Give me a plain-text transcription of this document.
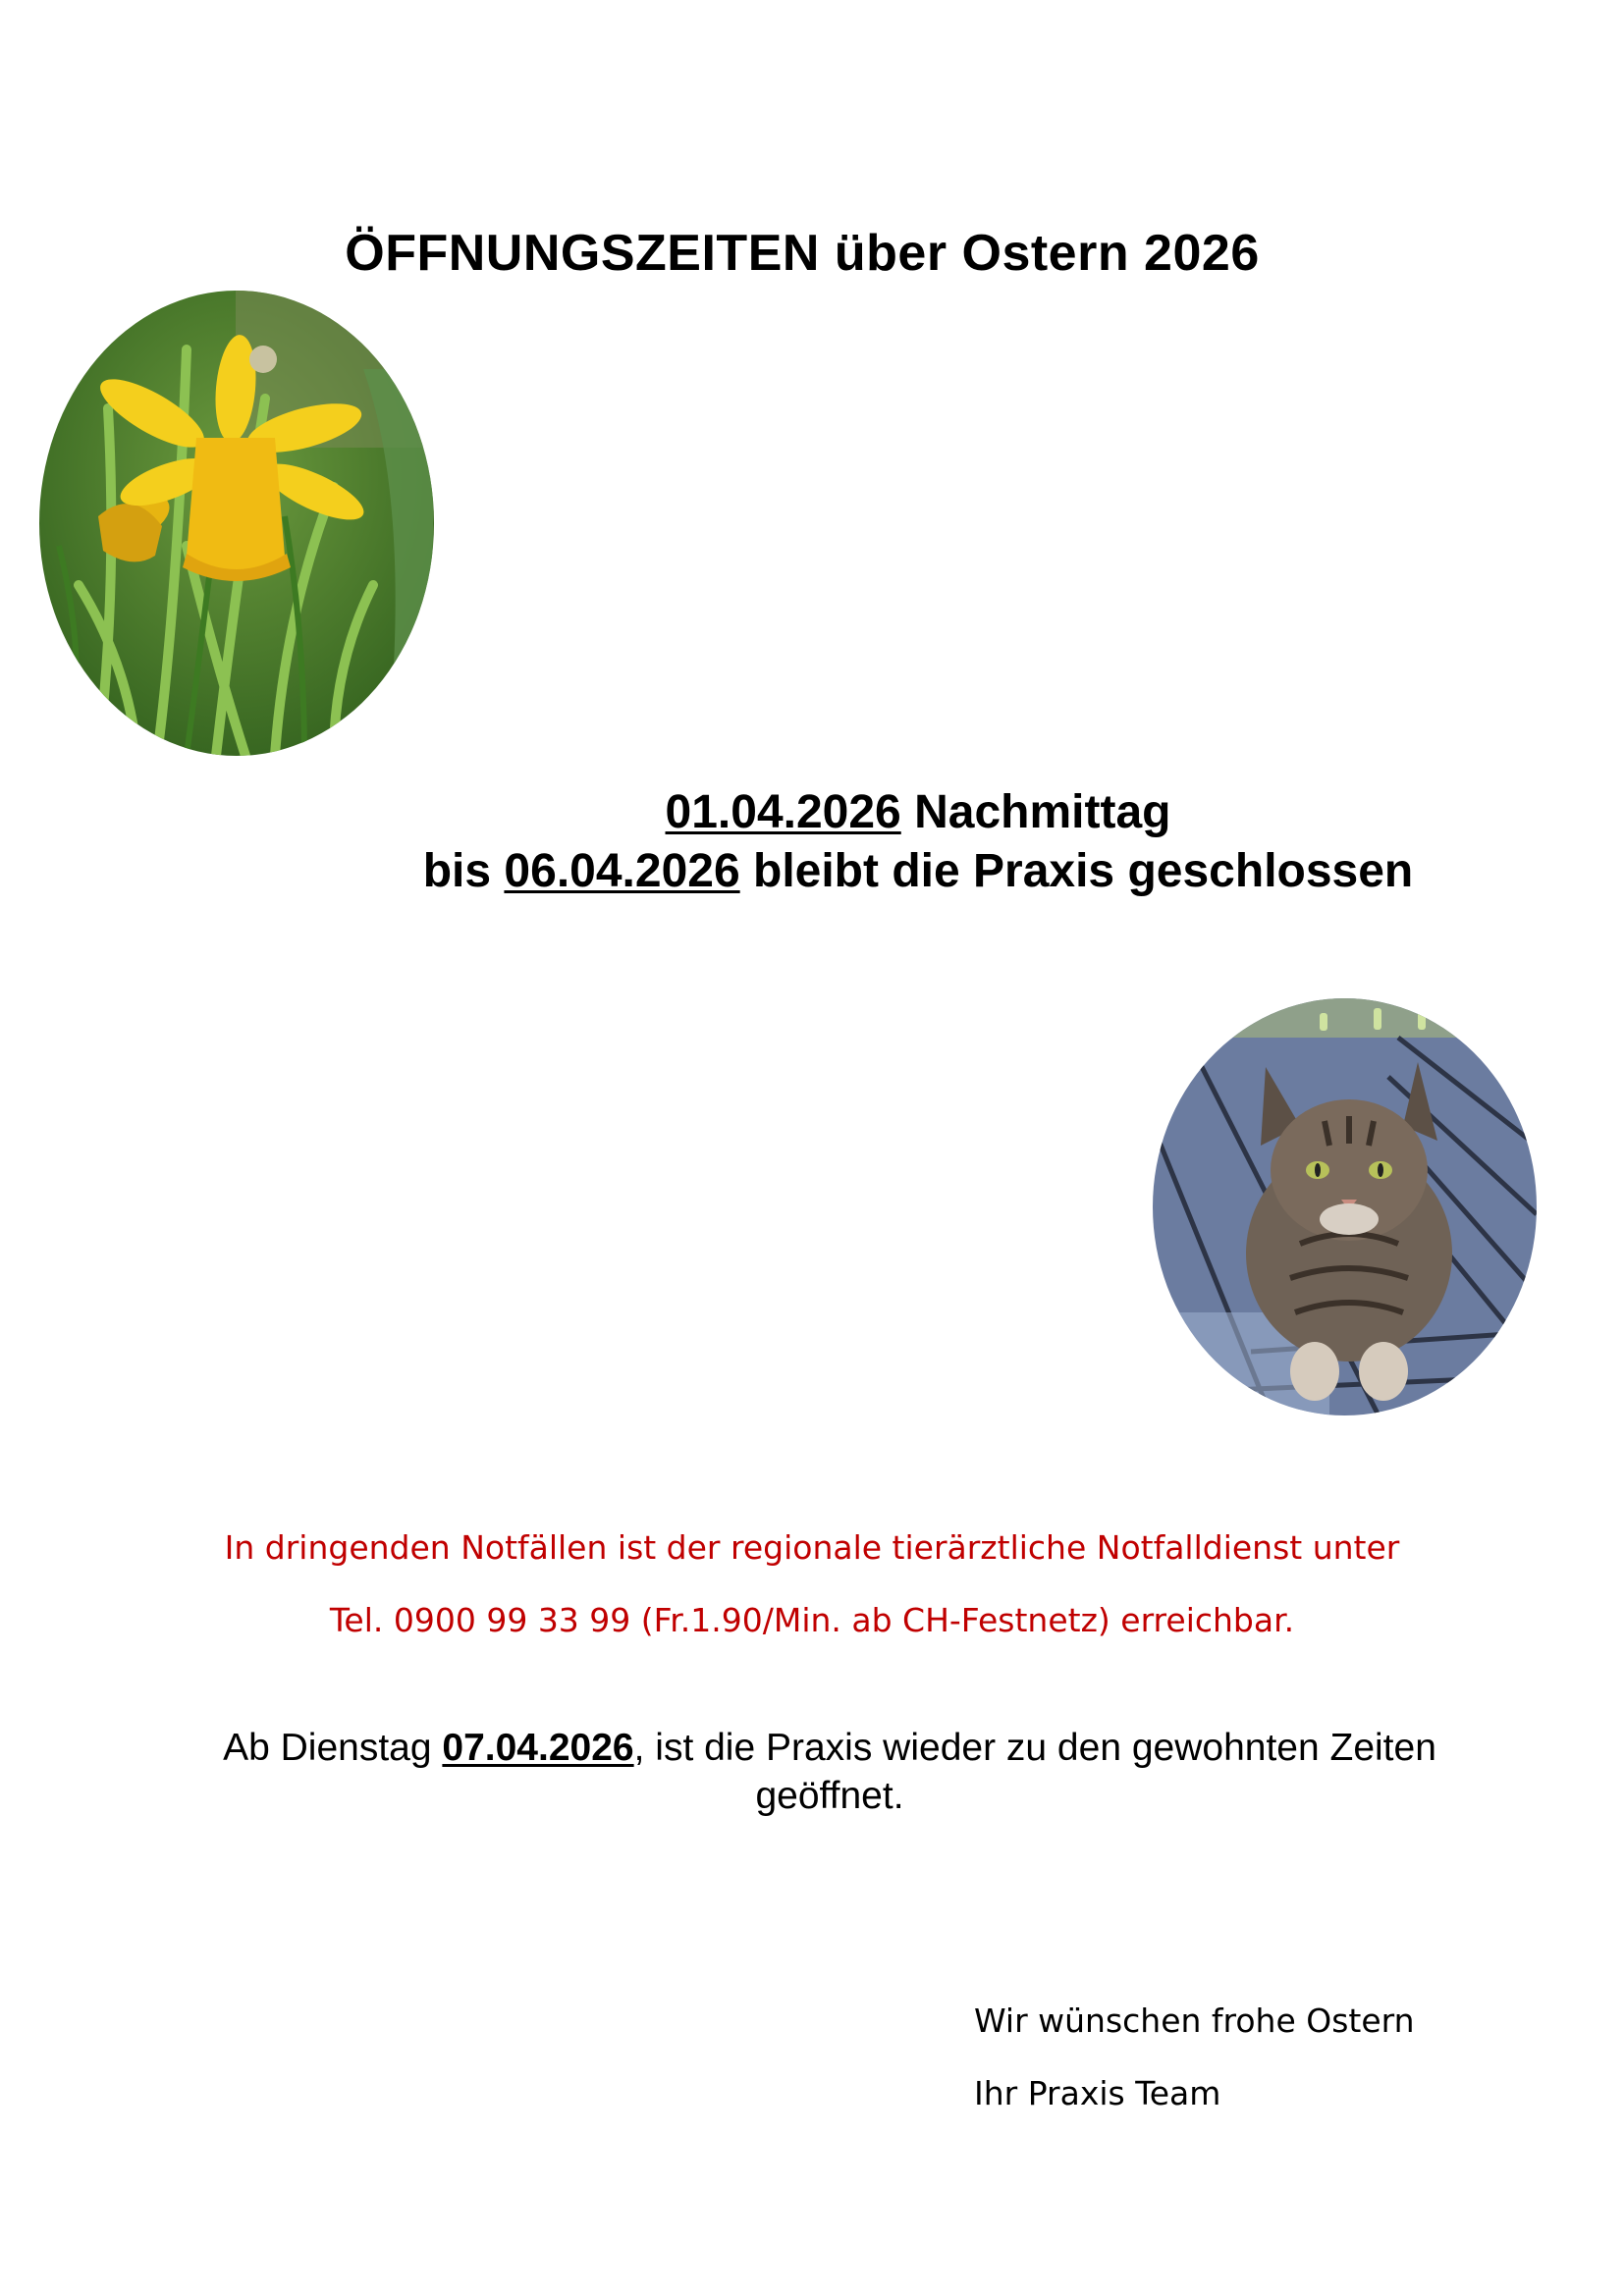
ÖFFNUNGSZEITEN über Ostern 2026
01.04.2026 Nachmittag
bis 06.04.2026 bleibt die Praxis geschlossen
In dringenden Notfällen ist der regionale tierärztliche Notfalldienst unter
Tel. 0900 99 33 99 (Fr.1.90/Min. ab CH-Festnetz) erreichbar.
Ab Dienstag 07.04.2026, ist die Praxis wieder zu den gewohnten Zeiten geöffnet.
Wir wünschen frohe Ostern
Ihr Praxis Team
